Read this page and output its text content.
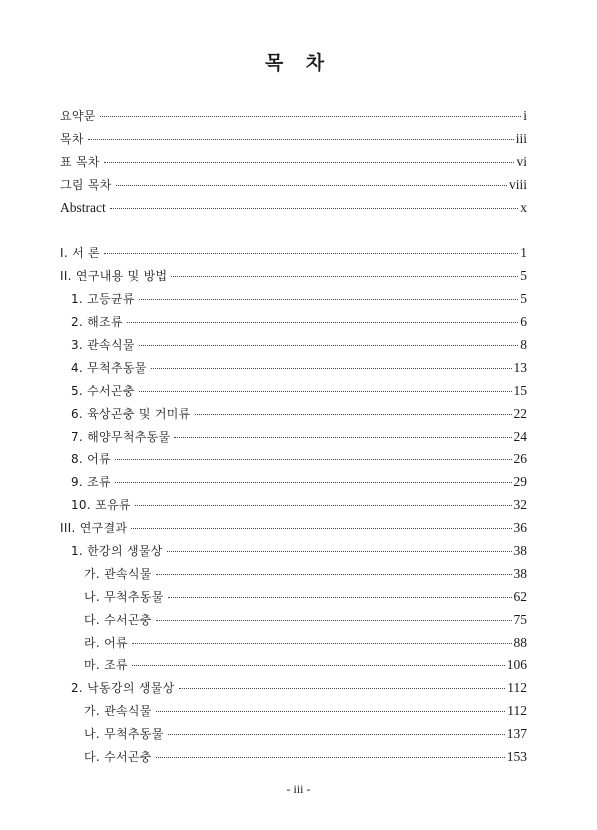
목 차
요약문	i
목차	iii
표 목차	vi
그림 목차	viii
Abstract	x
I. 서 론	1
II. 연구내용 및 방법	5
1. 고등균류	5
2. 해조류	6
3. 관속식물	8
4. 무척추동물	13
5. 수서곤충	15
6. 육상곤충 및 거미류	22
7. 해양무척추동물	24
8. 어류	26
9. 조류	29
10. 포유류	32
III. 연구결과	36
1. 한강의 생물상	38
가. 관속식물	38
나. 무척추동물	62
다. 수서곤충	75
라. 어류	88
마. 조류	106
2. 낙동강의 생물상	112
가. 관속식물	112
나. 무척추동물	137
다. 수서곤충	153
- iii -
